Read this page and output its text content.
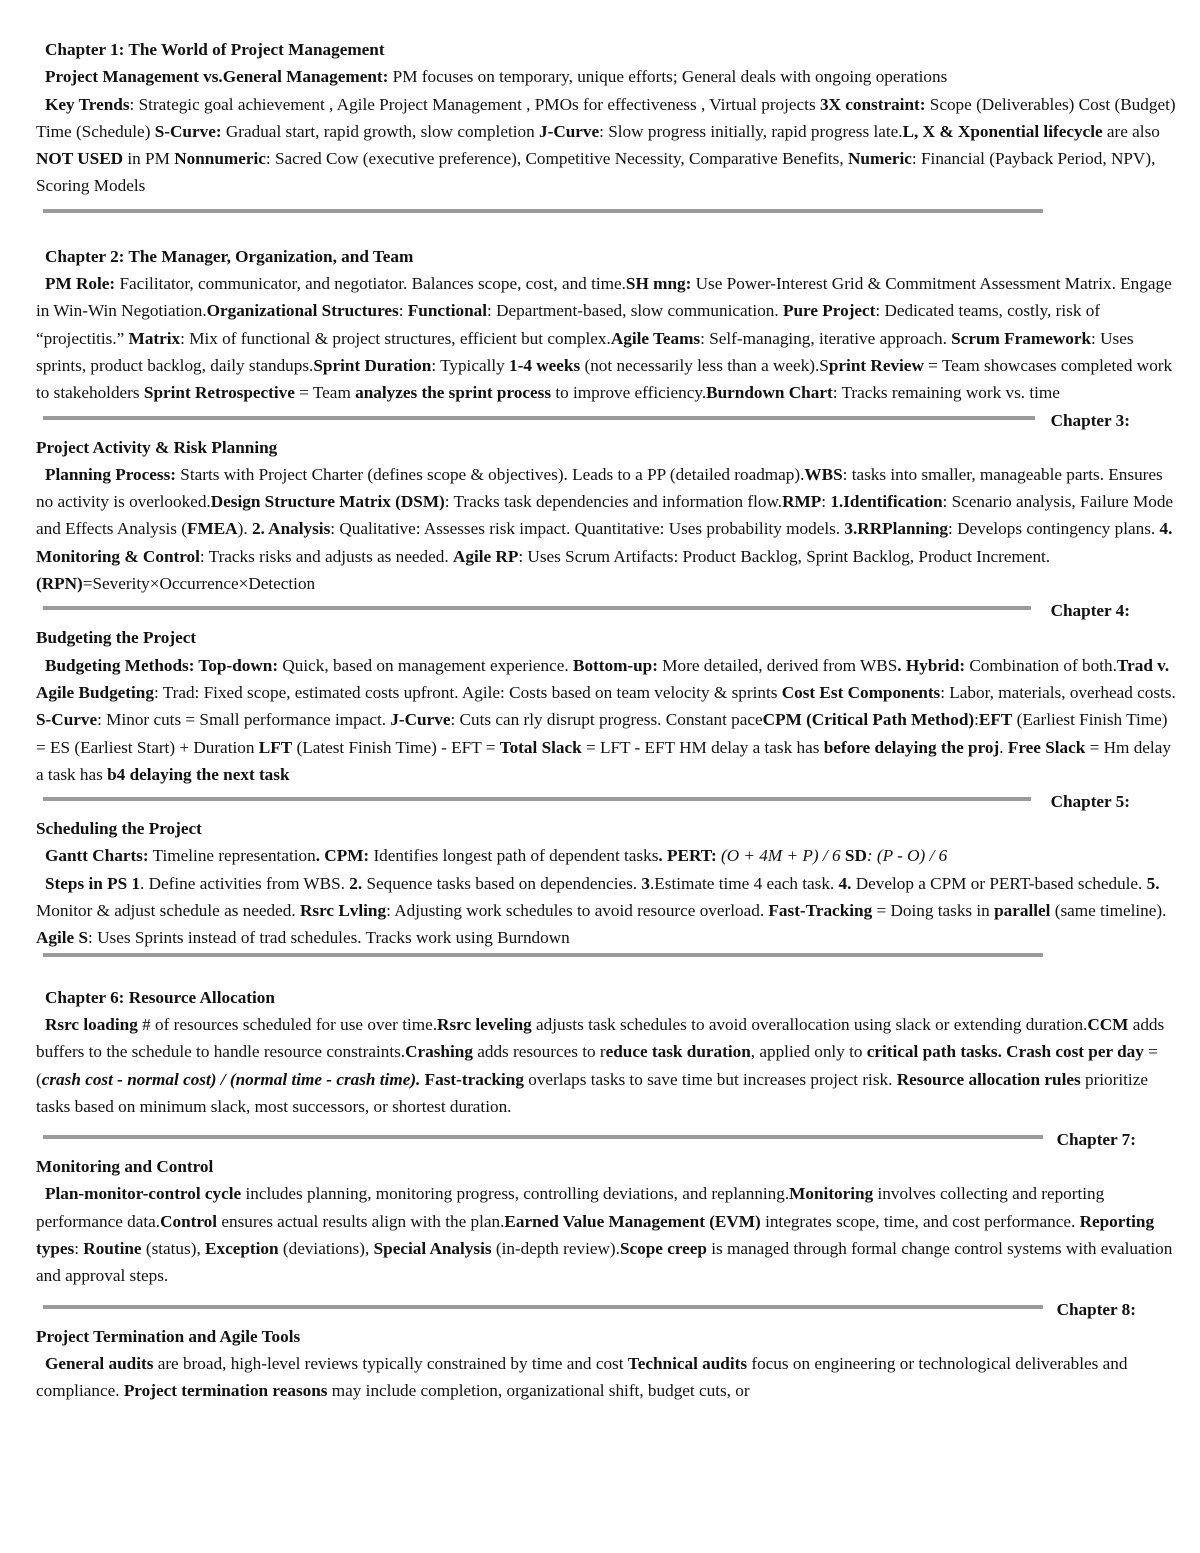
Chapter 1: The World of Project Management

Project Management vs.General Management: PM focuses on temporary, unique efforts; General deals with ongoing operations
Key Trends: Strategic goal achievement , Agile Project Management , PMOs for effectiveness , Virtual projects 3X constraint: Scope (Deliverables) Cost (Budget) Time (Schedule) S-Curve: Gradual start, rapid growth, slow completion J-Curve: Slow progress initially, rapid progress late.L, X & Xponential lifecycle are also NOT USED in PM Nonnumeric: Sacred Cow (executive preference), Competitive Necessity, Comparative Benefits, Numeric: Financial (Payback Period, NPV), Scoring Models

Chapter 2: The Manager, Organization, and Team

PM Role: Facilitator, communicator, and negotiator. Balances scope, cost, and time.SH mng: Use Power-Interest Grid & Commitment Assessment Matrix. Engage in Win-Win Negotiation.Organizational Structures: Functional: Department-based, slow communication. Pure Project: Dedicated teams, costly, risk of “projectitis.” Matrix: Mix of functional & project structures, efficient but complex.Agile Teams: Self-managing, iterative approach. Scrum Framework: Uses sprints, product backlog, daily standups.Sprint Duration: Typically 1-4 weeks (not necessarily less than a week).Sprint Review = Team showcases completed work to stakeholders Sprint Retrospective = Team analyzes the sprint process to improve efficiency.Burndown Chart: Tracks remaining work vs. time

Chapter 3:

Project Activity & Risk Planning

Planning Process: Starts with Project Charter (defines scope & objectives). Leads to a PP (detailed roadmap).WBS: tasks into smaller, manageable parts. Ensures no activity is overlooked.Design Structure Matrix (DSM): Tracks task dependencies and information flow.RMP: 1.Identification: Scenario analysis, Failure Mode and Effects Analysis (FMEA). 2. Analysis: Qualitative: Assesses risk impact. Quantitative: Uses probability models. 3.RRPlanning: Develops contingency plans. 4. Monitoring & Control: Tracks risks and adjusts as needed. Agile RP: Uses Scrum Artifacts: Product Backlog, Sprint Backlog, Product Increment.
(RPN)=Severity×Occurrence×Detection

Chapter 4:

Budgeting the Project

Budgeting Methods: Top-down: Quick, based on management experience. Bottom-up: More detailed, derived from WBS. Hybrid: Combination of both.Trad v. Agile Budgeting: Trad: Fixed scope, estimated costs upfront. Agile: Costs based on team velocity & sprints Cost Est Components: Labor, materials, overhead costs. S-Curve: Minor cuts = Small performance impact. J-Curve: Cuts can rly disrupt progress. Constant paceCPM (Critical Path Method):EFT (Earliest Finish Time) = ES (Earliest Start) + Duration LFT (Latest Finish Time) - EFT = Total Slack = LFT - EFT HM delay a task has before delaying the proj. Free Slack = Hm delay a task has b4 delaying the next task

Chapter 5:

Scheduling the Project

Gantt Charts: Timeline representation. CPM: Identifies longest path of dependent tasks. PERT: (O + 4M + P) / 6 SD: (P - O) / 6
Steps in PS 1. Define activities from WBS. 2. Sequence tasks based on dependencies. 3.Estimate time 4 each task. 4. Develop a CPM or PERT-based schedule. 5. Monitor & adjust schedule as needed. Rsrc Lvling: Adjusting work schedules to avoid resource overload. Fast-Tracking = Doing tasks in parallel (same timeline). Agile S: Uses Sprints instead of trad schedules. Tracks work using Burndown

Chapter 6: Resource Allocation

Rsrc loading # of resources scheduled for use over time.Rsrc leveling adjusts task schedules to avoid overallocation using slack or extending duration.CCM adds buffers to the schedule to handle resource constraints.Crashing adds resources to reduce task duration, applied only to critical path tasks. Crash cost per day = (crash cost - normal cost) / (normal time - crash time). Fast-tracking overlaps tasks to save time but increases project risk. Resource allocation rules prioritize tasks based on minimum slack, most successors, or shortest duration.

Chapter 7:

Monitoring and Control

Plan-monitor-control cycle includes planning, monitoring progress, controlling deviations, and replanning.Monitoring involves collecting and reporting performance data.Control ensures actual results align with the plan.Earned Value Management (EVM) integrates scope, time, and cost performance. Reporting types: Routine (status), Exception (deviations), Special Analysis (in-depth review).Scope creep is managed through formal change control systems with evaluation and approval steps.

Chapter 8:

Project Termination and Agile Tools

General audits are broad, high-level reviews typically constrained by time and cost Technical audits focus on engineering or technological deliverables and compliance. Project termination reasons may include completion, organizational shift, budget cuts, or
